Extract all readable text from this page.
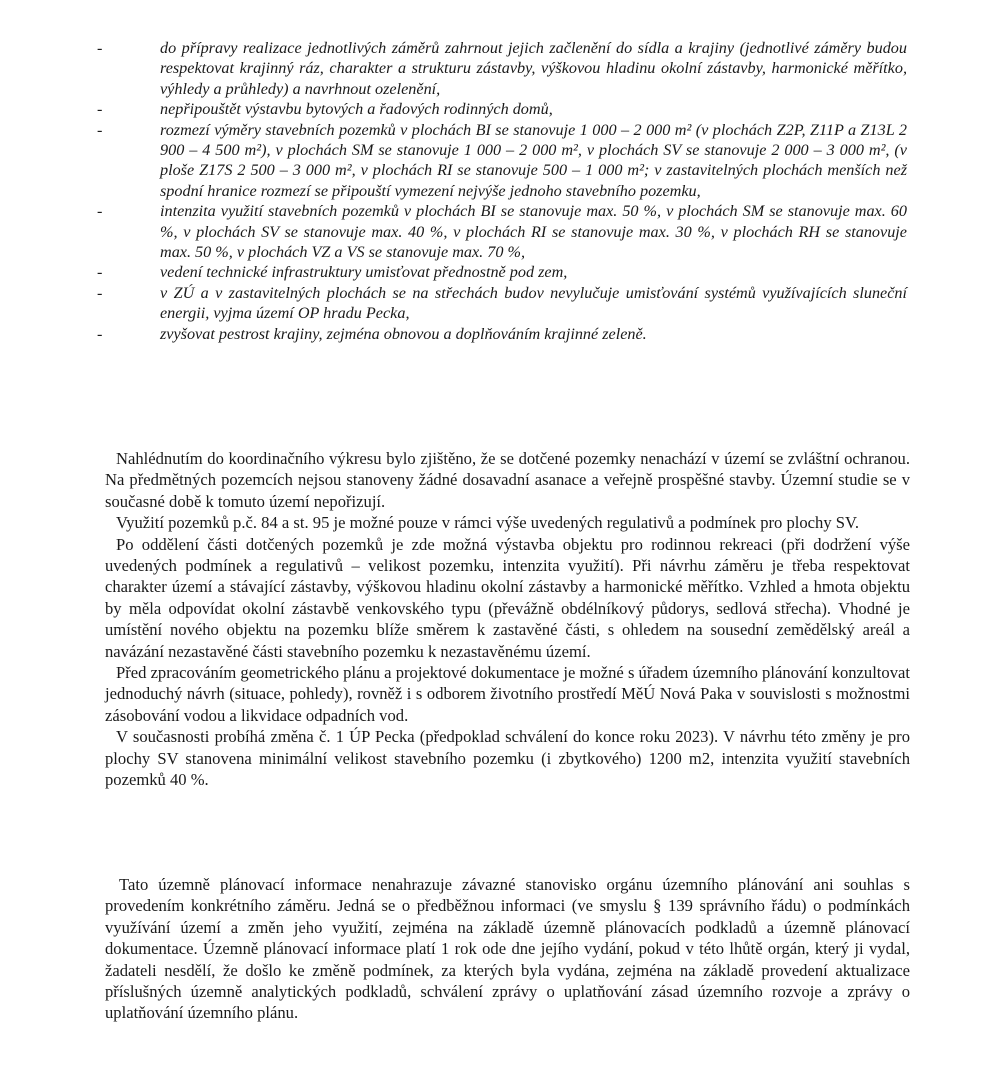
-	do přípravy realizace jednotlivých záměrů zahrnout jejich začlenění do sídla a krajiny (jednotlivé záměry budou respektovat krajinný ráz, charakter a strukturu zástavby, výškovou hladinu okolní zástavby, harmonické měřítko, výhledy a průhledy) a navrhnout ozelenění,
-	nepřipouštět výstavbu bytových a řadových rodinných domů,
-	rozmezí výměry stavebních pozemků v plochách BI se stanovuje 1 000 – 2 000 m² (v plochách Z2P, Z11P a Z13L 2 900 – 4 500 m²), v plochách SM se stanovuje 1 000 – 2 000 m², v plochách SV se stanovuje 2 000 – 3 000 m², (v ploše Z17S 2 500 – 3 000 m², v plochách RI se stanovuje 500 – 1 000 m²; v zastavitelných plochách menších než spodní hranice rozmezí se připouští vymezení nejvýše jednoho stavebního pozemku,
-	intenzita využití stavebních pozemků v plochách BI se stanovuje max. 50 %, v plochách SM se stanovuje max. 60 %, v plochách SV se stanovuje max. 40 %, v plochách RI se stanovuje max. 30 %, v plochách RH se stanovuje max. 50 %, v plochách VZ a VS se stanovuje max. 70 %,
-	vedení technické infrastruktury umisťovat přednostně pod zem,
-	v ZÚ a v zastavitelných plochách se na střechách budov nevylučuje umisťování systémů využívajících sluneční energii, vyjma území OP hradu Pecka,
-	zvyšovat pestrost krajiny, zejména obnovou a doplňováním krajinné zeleně.

Nahlédnutím do koordinačního výkresu bylo zjištěno, že se dotčené pozemky nenachází v území se zvláštní ochranou. Na předmětných pozemcích nejsou stanoveny žádné dosavadní asanace a veřejně prospěšné stavby. Územní studie se v současné době k tomuto území nepořizují.

Využití pozemků p.č. 84 a st. 95 je možné pouze v rámci výše uvedených regulativů a podmínek pro plochy SV.

Po oddělení části dotčených pozemků je zde možná výstavba objektu pro rodinnou rekreaci (při dodržení výše uvedených podmínek a regulativů – velikost pozemku, intenzita využití). Při návrhu záměru je třeba respektovat charakter území a stávající zástavby, výškovou hladinu okolní zástavby a harmonické měřítko. Vzhled a hmota objektu by měla odpovídat okolní zástavbě venkovského typu (převážně obdélníkový půdorys, sedlová střecha). Vhodné je umístění nového objektu na pozemku blíže směrem k zastavěné části, s ohledem na sousední zemědělský areál a navázání nezastavěné části stavebního pozemku k nezastavěnému území.

Před zpracováním geometrického plánu a projektové dokumentace je možné s úřadem územního plánování konzultovat jednoduchý návrh (situace, pohledy), rovněž i s odborem životního prostředí MěÚ Nová Paka v souvislosti s možnostmi zásobování vodou a likvidace odpadních vod.

V současnosti probíhá změna č. 1 ÚP Pecka (předpoklad schválení do konce roku 2023). V návrhu této změny je pro plochy SV stanovena minimální velikost stavebního pozemku (i zbytkového) 1200 m2, intenzita využití stavebních pozemků 40 %.

Tato územně plánovací informace nenahrazuje závazné stanovisko orgánu územního plánování ani souhlas s provedením konkrétního záměru. Jedná se o předběžnou informaci (ve smyslu § 139 správního řádu) o podmínkách využívání území a změn jeho využití, zejména na základě územně plánovacích podkladů a územně plánovací dokumentace. Územně plánovací informace platí 1 rok ode dne jejího vydání, pokud v této lhůtě orgán, který ji vydal, žadateli nesdělí, že došlo ke změně podmínek, za kterých byla vydána, zejména na základě provedení aktualizace příslušných územně analytických podkladů, schválení zprávy o uplatňování zásad územního rozvoje a zprávy o uplatňování územního plánu.
